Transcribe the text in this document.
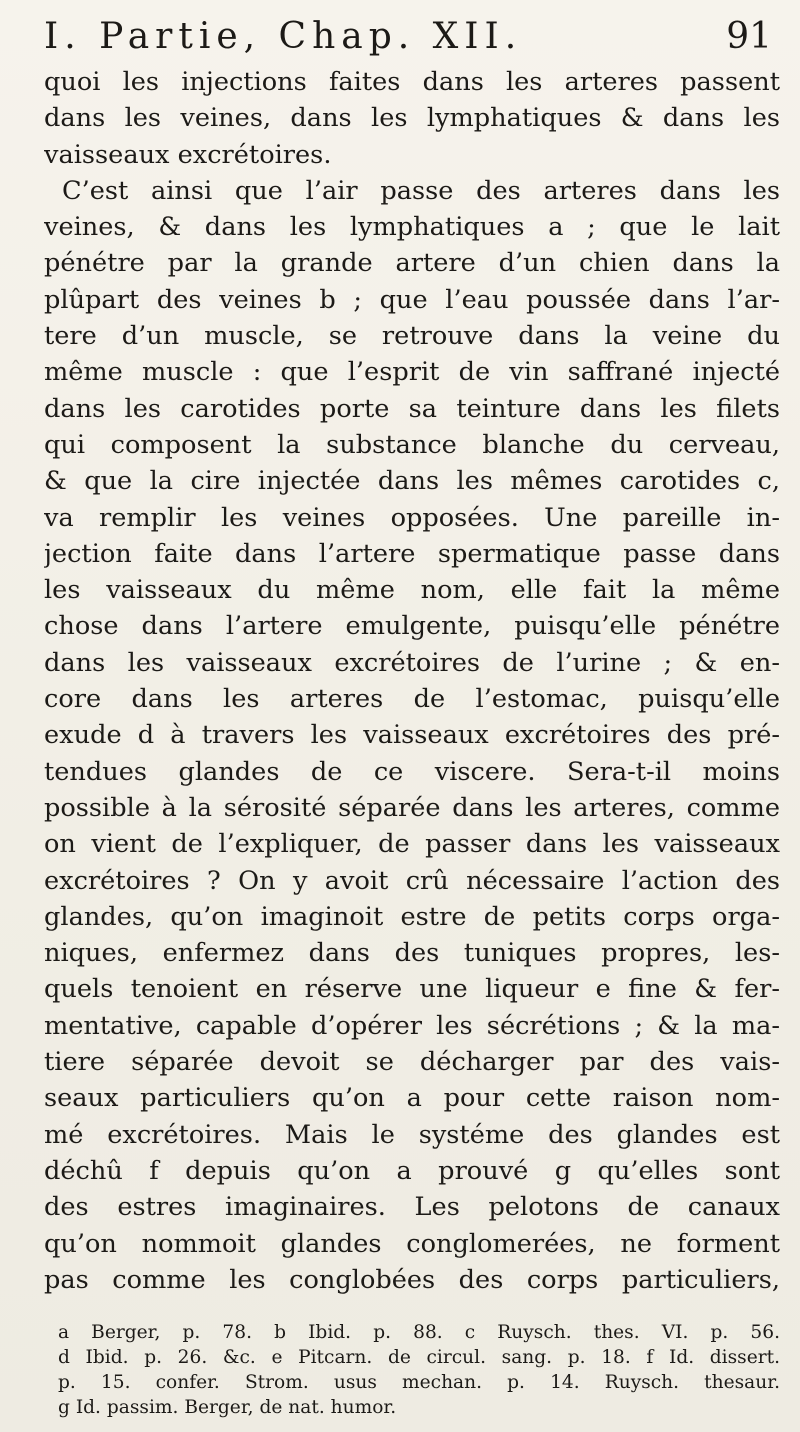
I. Partie, Chap. XII.	91
quoi les injections faites dans les arteres passent
dans les veines, dans les lymphatiques & dans les
vaisseaux excrétoires.
C’est ainsi que l’air passe des arteres dans les
veines, & dans les lymphatiques a ; que le lait
pénétre par la grande artere d’un chien dans la
plûpart des veines b ; que l’eau poussée dans l’ar-
tere d’un muscle, se retrouve dans la veine du
même muscle : que l’esprit de vin saffrané injecté
dans les carotides porte sa teinture dans les filets
qui composent la substance blanche du cerveau,
& que la cire injectée dans les mêmes carotides c,
va remplir les veines opposées. Une pareille in-
jection faite dans l’artere spermatique passe dans
les vaisseaux du même nom, elle fait la même
chose dans l’artere emulgente, puisqu’elle pénétre
dans les vaisseaux excrétoires de l’urine ; & en-
core dans les arteres de l’estomac, puisqu’elle
exude d à travers les vaisseaux excrétoires des pré-
tendues glandes de ce viscere. Sera-t-il moins
possible à la sérosité séparée dans les arteres, comme
on vient de l’expliquer, de passer dans les vaisseaux
excrétoires ? On y avoit crû nécessaire l’action des
glandes, qu’on imaginoit estre de petits corps orga-
niques, enfermez dans des tuniques propres, les-
quels tenoient en réserve une liqueur e fine & fer-
mentative, capable d’opérer les sécrétions ; & la ma-
tiere séparée devoit se décharger par des vais-
seaux particuliers qu’on a pour cette raison nom-
mé excrétoires. Mais le systéme des glandes est
déchû f depuis qu’on a prouvé g qu’elles sont
des estres imaginaires. Les pelotons de canaux
qu’on nommoit glandes conglomerées, ne forment
pas comme les conglobées des corps particuliers,
a Berger, p. 78. b Ibid. p. 88. c Ruysch. thes. VI. p. 56.
d Ibid. p. 26. &c. e Pitcarn. de circul. sang. p. 18. f Id. dissert.
p. 15. confer. Strom. usus mechan. p. 14. Ruysch. thesaur.
g Id. passim. Berger, de nat. humor.
